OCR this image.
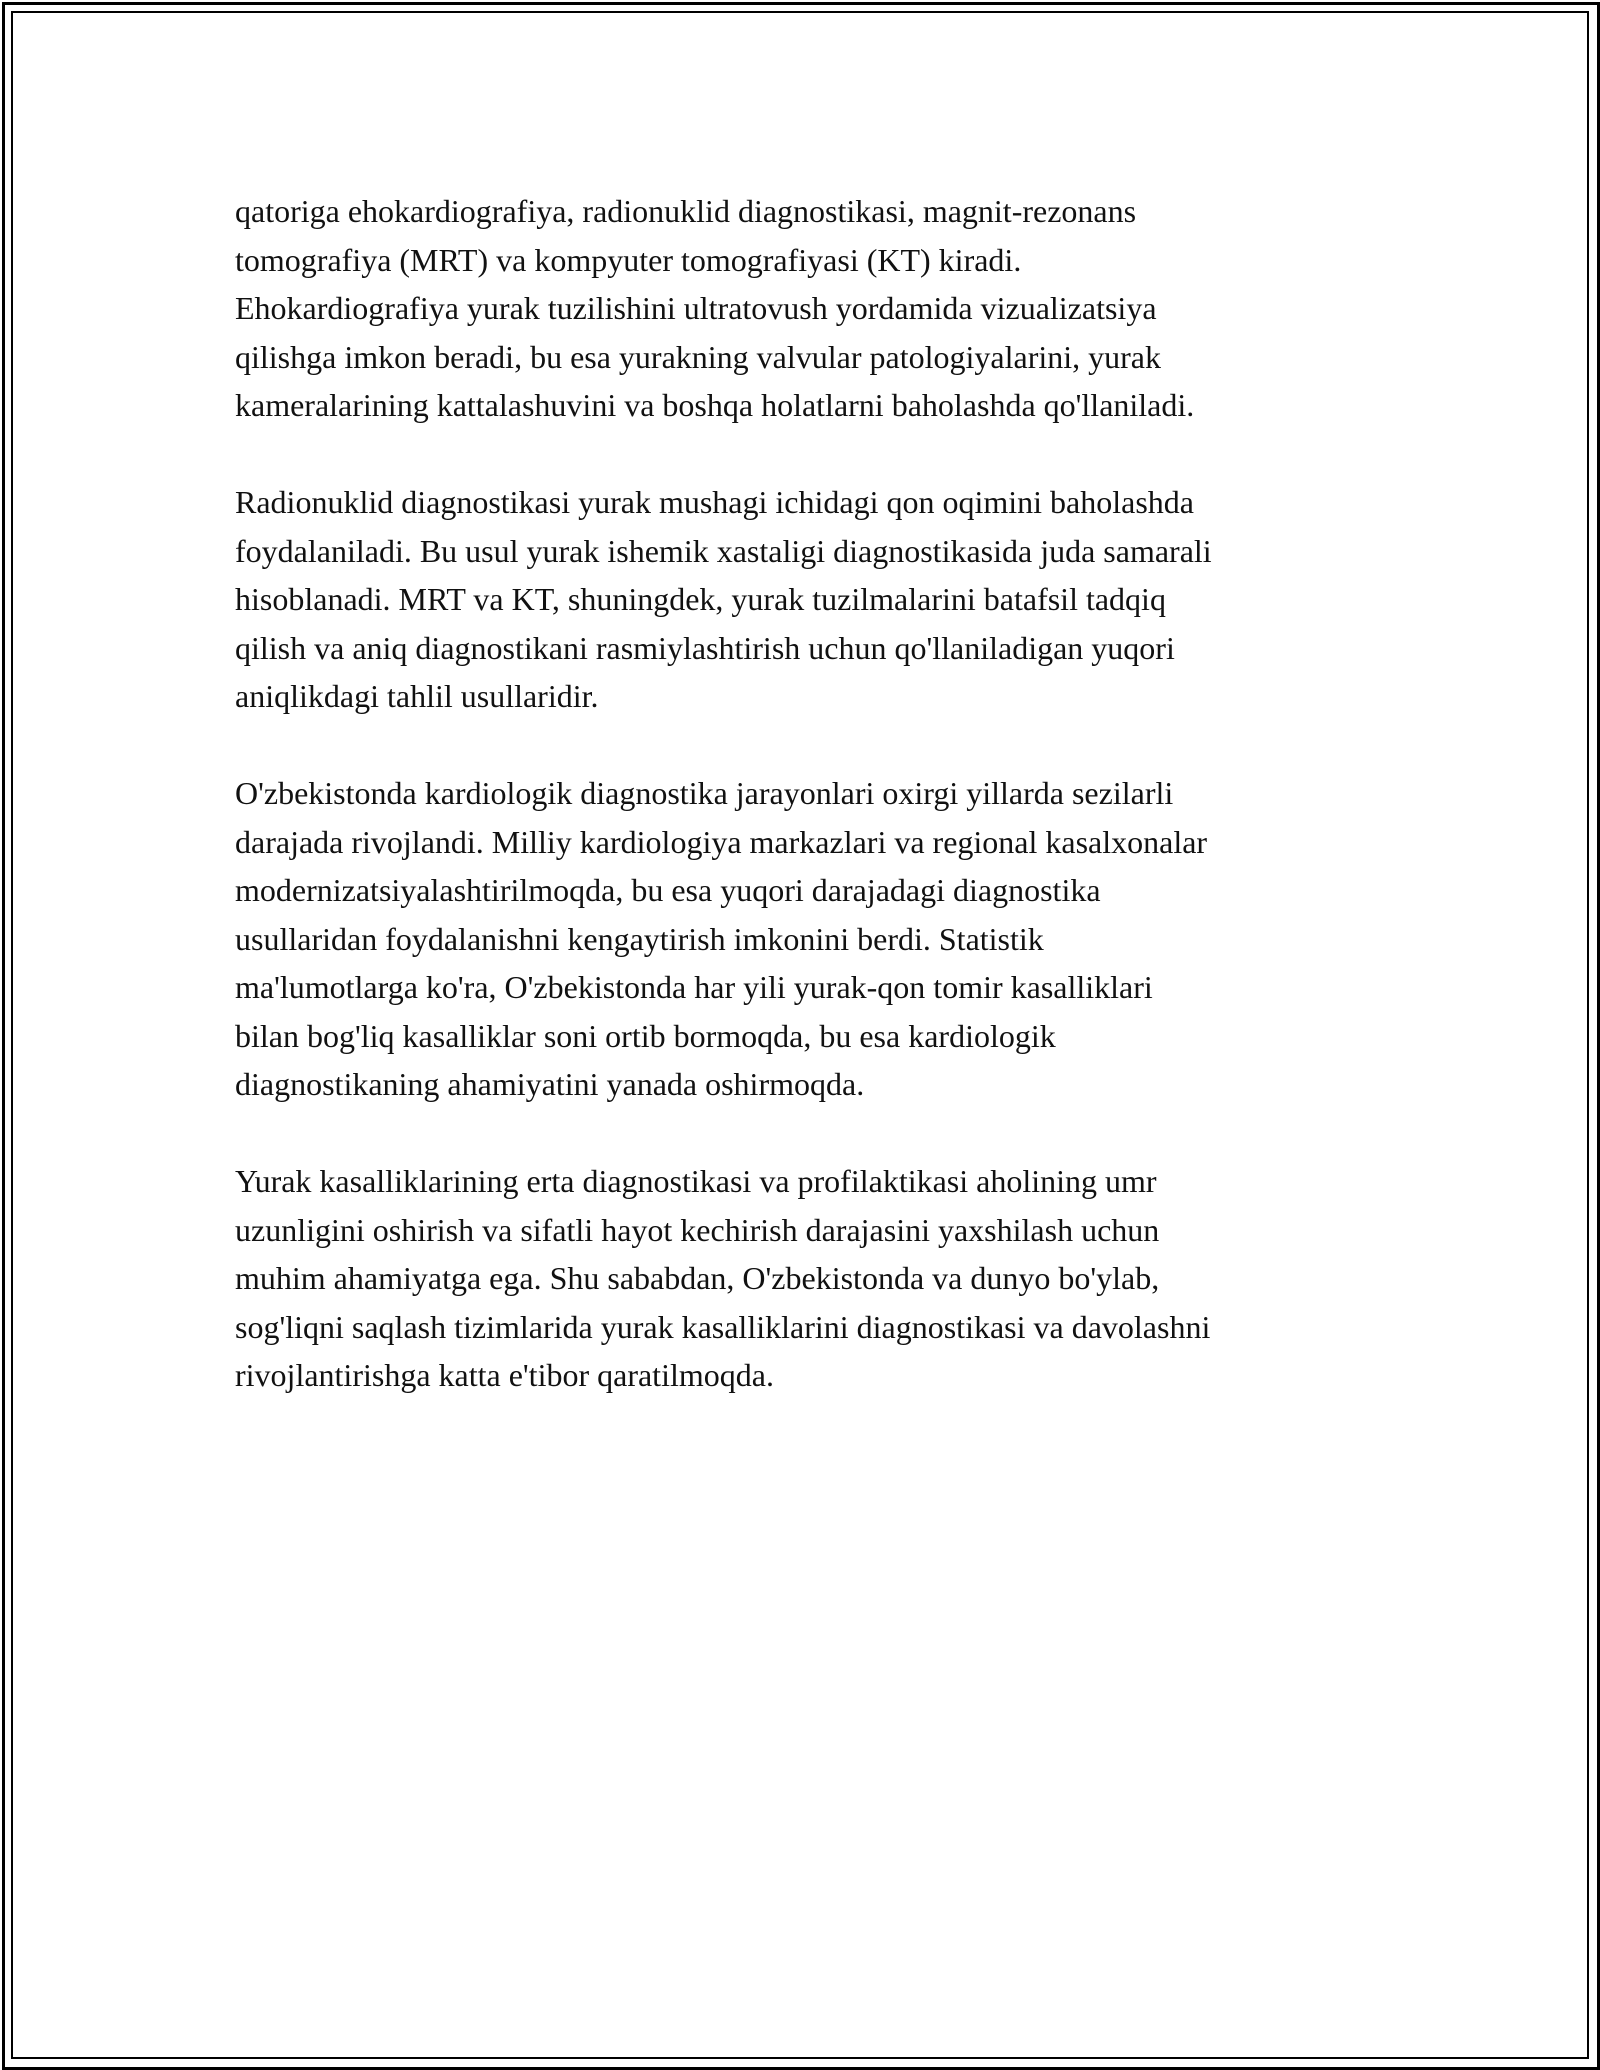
qatoriga ehokardiografiya, radionuklid diagnostikasi, magnit-rezonans
tomografiya (MRT) va kompyuter tomografiyasi (KT) kiradi.
Ehokardiografiya yurak tuzilishini ultratovush yordamida vizualizatsiya
qilishga imkon beradi, bu esa yurakning valvular patologiyalarini, yurak
kameralarining kattalashuvini va boshqa holatlarni baholashda qo'llaniladi.
Radionuklid diagnostikasi yurak mushagi ichidagi qon oqimini baholashda
foydalaniladi. Bu usul yurak ishemik xastaligi diagnostikasida juda samarali
hisoblanadi. MRT va KT, shuningdek, yurak tuzilmalarini batafsil tadqiq
qilish va aniq diagnostikani rasmiylashtirish uchun qo'llaniladigan yuqori
aniqlikdagi tahlil usullaridir.
O'zbekistonda kardiologik diagnostika jarayonlari oxirgi yillarda sezilarli
darajada rivojlandi. Milliy kardiologiya markazlari va regional kasalxonalar
modernizatsiyalashtirilmoqda, bu esa yuqori darajadagi diagnostika
usullaridan foydalanishni kengaytirish imkonini berdi. Statistik
ma'lumotlarga ko'ra, O'zbekistonda har yili yurak-qon tomir kasalliklari
bilan bog'liq kasalliklar soni ortib bormoqda, bu esa kardiologik
diagnostikaning ahamiyatini yanada oshirmoqda.
Yurak kasalliklarining erta diagnostikasi va profilaktikasi aholining umr
uzunligini oshirish va sifatli hayot kechirish darajasini yaxshilash uchun
muhim ahamiyatga ega. Shu sababdan, O'zbekistonda va dunyo bo'ylab,
sog'liqni saqlash tizimlarida yurak kasalliklarini diagnostikasi va davolashni
rivojlantirishga katta e'tibor qaratilmoqda.
